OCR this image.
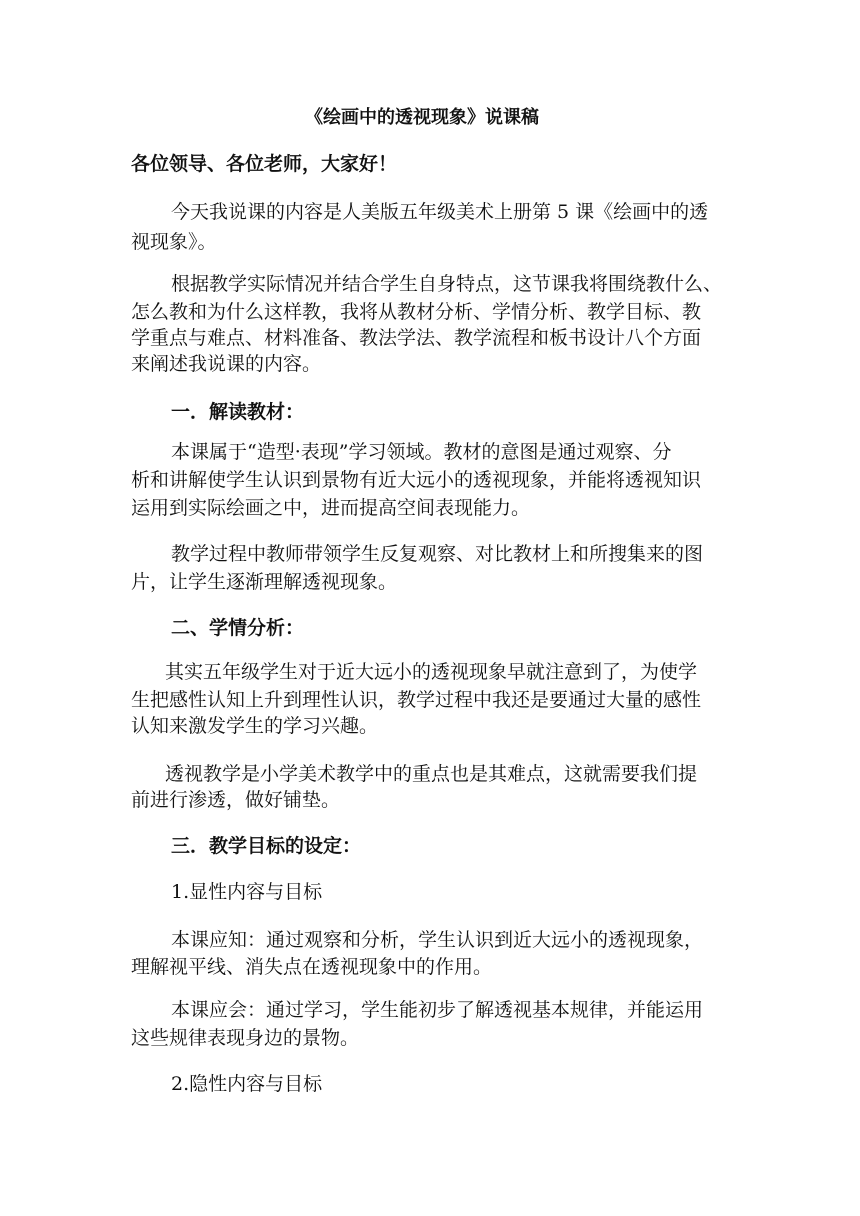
《绘画中的透视现象》说课稿
各位领导、各位老师，大家好！
今天我说课的内容是人美版五年级美术上册第 5 课《绘画中的透
视现象》。
根据教学实际情况并结合学生自身特点，这节课我将围绕教什么、
怎么教和为什么这样教，我将从教材分析、学情分析、教学目标、教
学重点与难点、材料准备、教法学法、教学流程和板书设计八个方面
来阐述我说课的内容。
一．解读教材：
本课属于“造型·表现”学习领域。教材的意图是通过观察、分
析和讲解使学生认识到景物有近大远小的透视现象，并能将透视知识
运用到实际绘画之中，进而提高空间表现能力。
教学过程中教师带领学生反复观察、对比教材上和所搜集来的图
片，让学生逐渐理解透视现象。
二、学情分析：
其实五年级学生对于近大远小的透视现象早就注意到了，为使学
生把感性认知上升到理性认识，教学过程中我还是要通过大量的感性
认知来激发学生的学习兴趣。
透视教学是小学美术教学中的重点也是其难点，这就需要我们提
前进行渗透，做好铺垫。
三．教学目标的设定：
1.显性内容与目标
本课应知：通过观察和分析，学生认识到近大远小的透视现象，
理解视平线、消失点在透视现象中的作用。
本课应会：通过学习，学生能初步了解透视基本规律，并能运用
这些规律表现身边的景物。
2.隐性内容与目标
